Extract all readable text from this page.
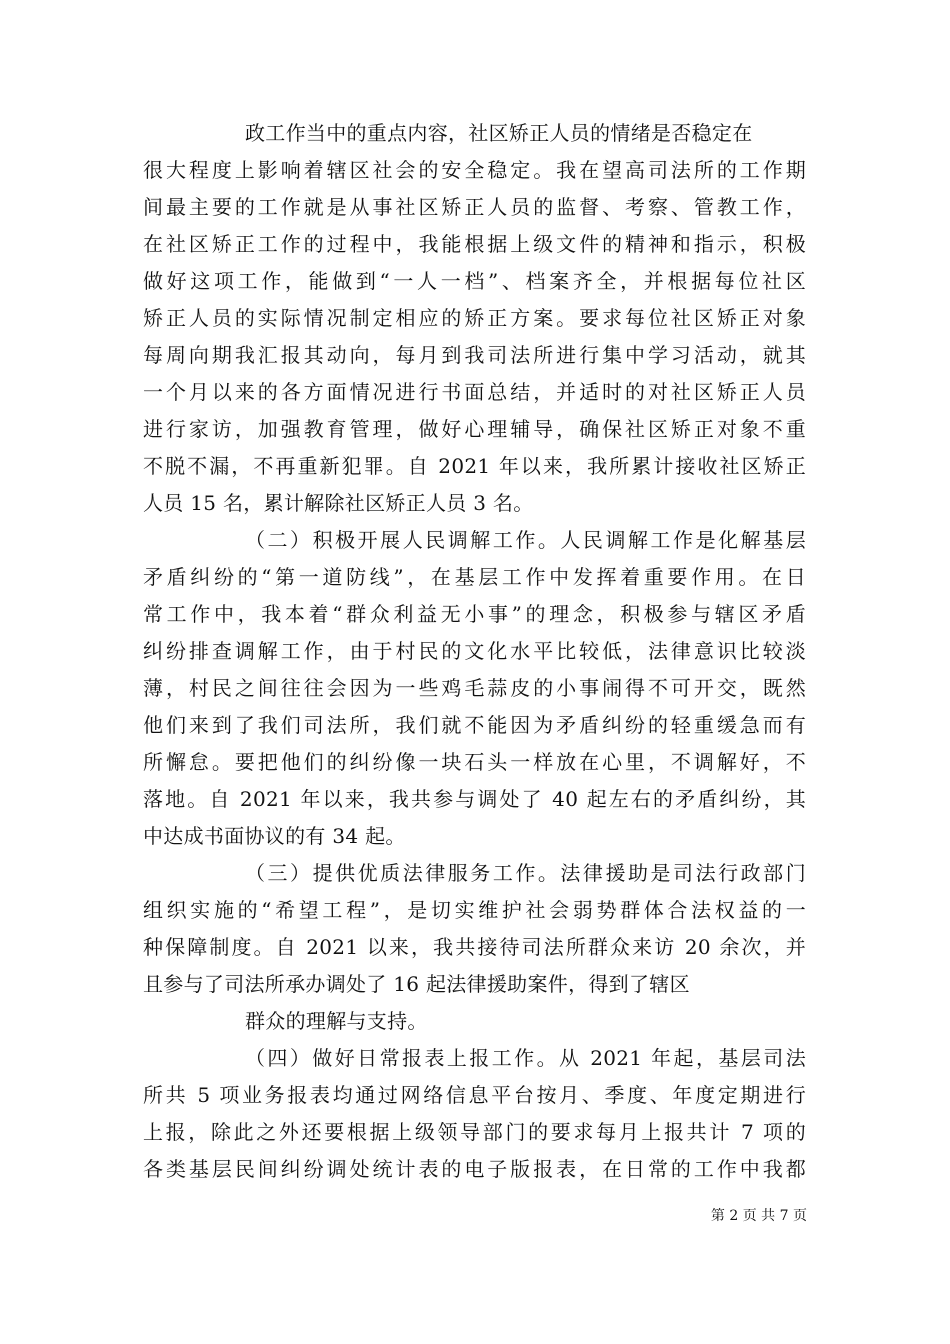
政工作当中的重点内容，社区矫正人员的情绪是否稳定在
很大程度上影响着辖区社会的安全稳定。我在望高司法所的工作期
间最主要的工作就是从事社区矫正人员的监督、考察、管教工作，
在社区矫正工作的过程中，我能根据上级文件的精神和指示，积极
做好这项工作，能做到“一人一档”、档案齐全，并根据每位社区
矫正人员的实际情况制定相应的矫正方案。要求每位社区矫正对象
每周向期我汇报其动向，每月到我司法所进行集中学习活动，就其
一个月以来的各方面情况进行书面总结，并适时的对社区矫正人员
进行家访，加强教育管理，做好心理辅导，确保社区矫正对象不重
不脱不漏，不再重新犯罪。自 2021 年以来，我所累计接收社区矫正
人员 15 名，累计解除社区矫正人员 3 名。
（二）积极开展人民调解工作。人民调解工作是化解基层
矛盾纠纷的“第一道防线”，在基层工作中发挥着重要作用。在日
常工作中，我本着“群众利益无小事”的理念，积极参与辖区矛盾
纠纷排查调解工作，由于村民的文化水平比较低，法律意识比较淡
薄，村民之间往往会因为一些鸡毛蒜皮的小事闹得不可开交，既然
他们来到了我们司法所，我们就不能因为矛盾纠纷的轻重缓急而有
所懈怠。要把他们的纠纷像一块石头一样放在心里，不调解好，不
落地。自 2021 年以来，我共参与调处了 40 起左右的矛盾纠纷，其
中达成书面协议的有 34 起。
（三）提供优质法律服务工作。法律援助是司法行政部门
组织实施的“希望工程”，是切实维护社会弱势群体合法权益的一
种保障制度。自 2021 以来，我共接待司法所群众来访 20 余次，并
且参与了司法所承办调处了 16 起法律援助案件，得到了辖区
群众的理解与支持。
（四）做好日常报表上报工作。从 2021 年起，基层司法
所共 5 项业务报表均通过网络信息平台按月、季度、年度定期进行
上报，除此之外还要根据上级领导部门的要求每月上报共计 7 项的
各类基层民间纠纷调处统计表的电子版报表，在日常的工作中我都
第 2 页 共 7 页
